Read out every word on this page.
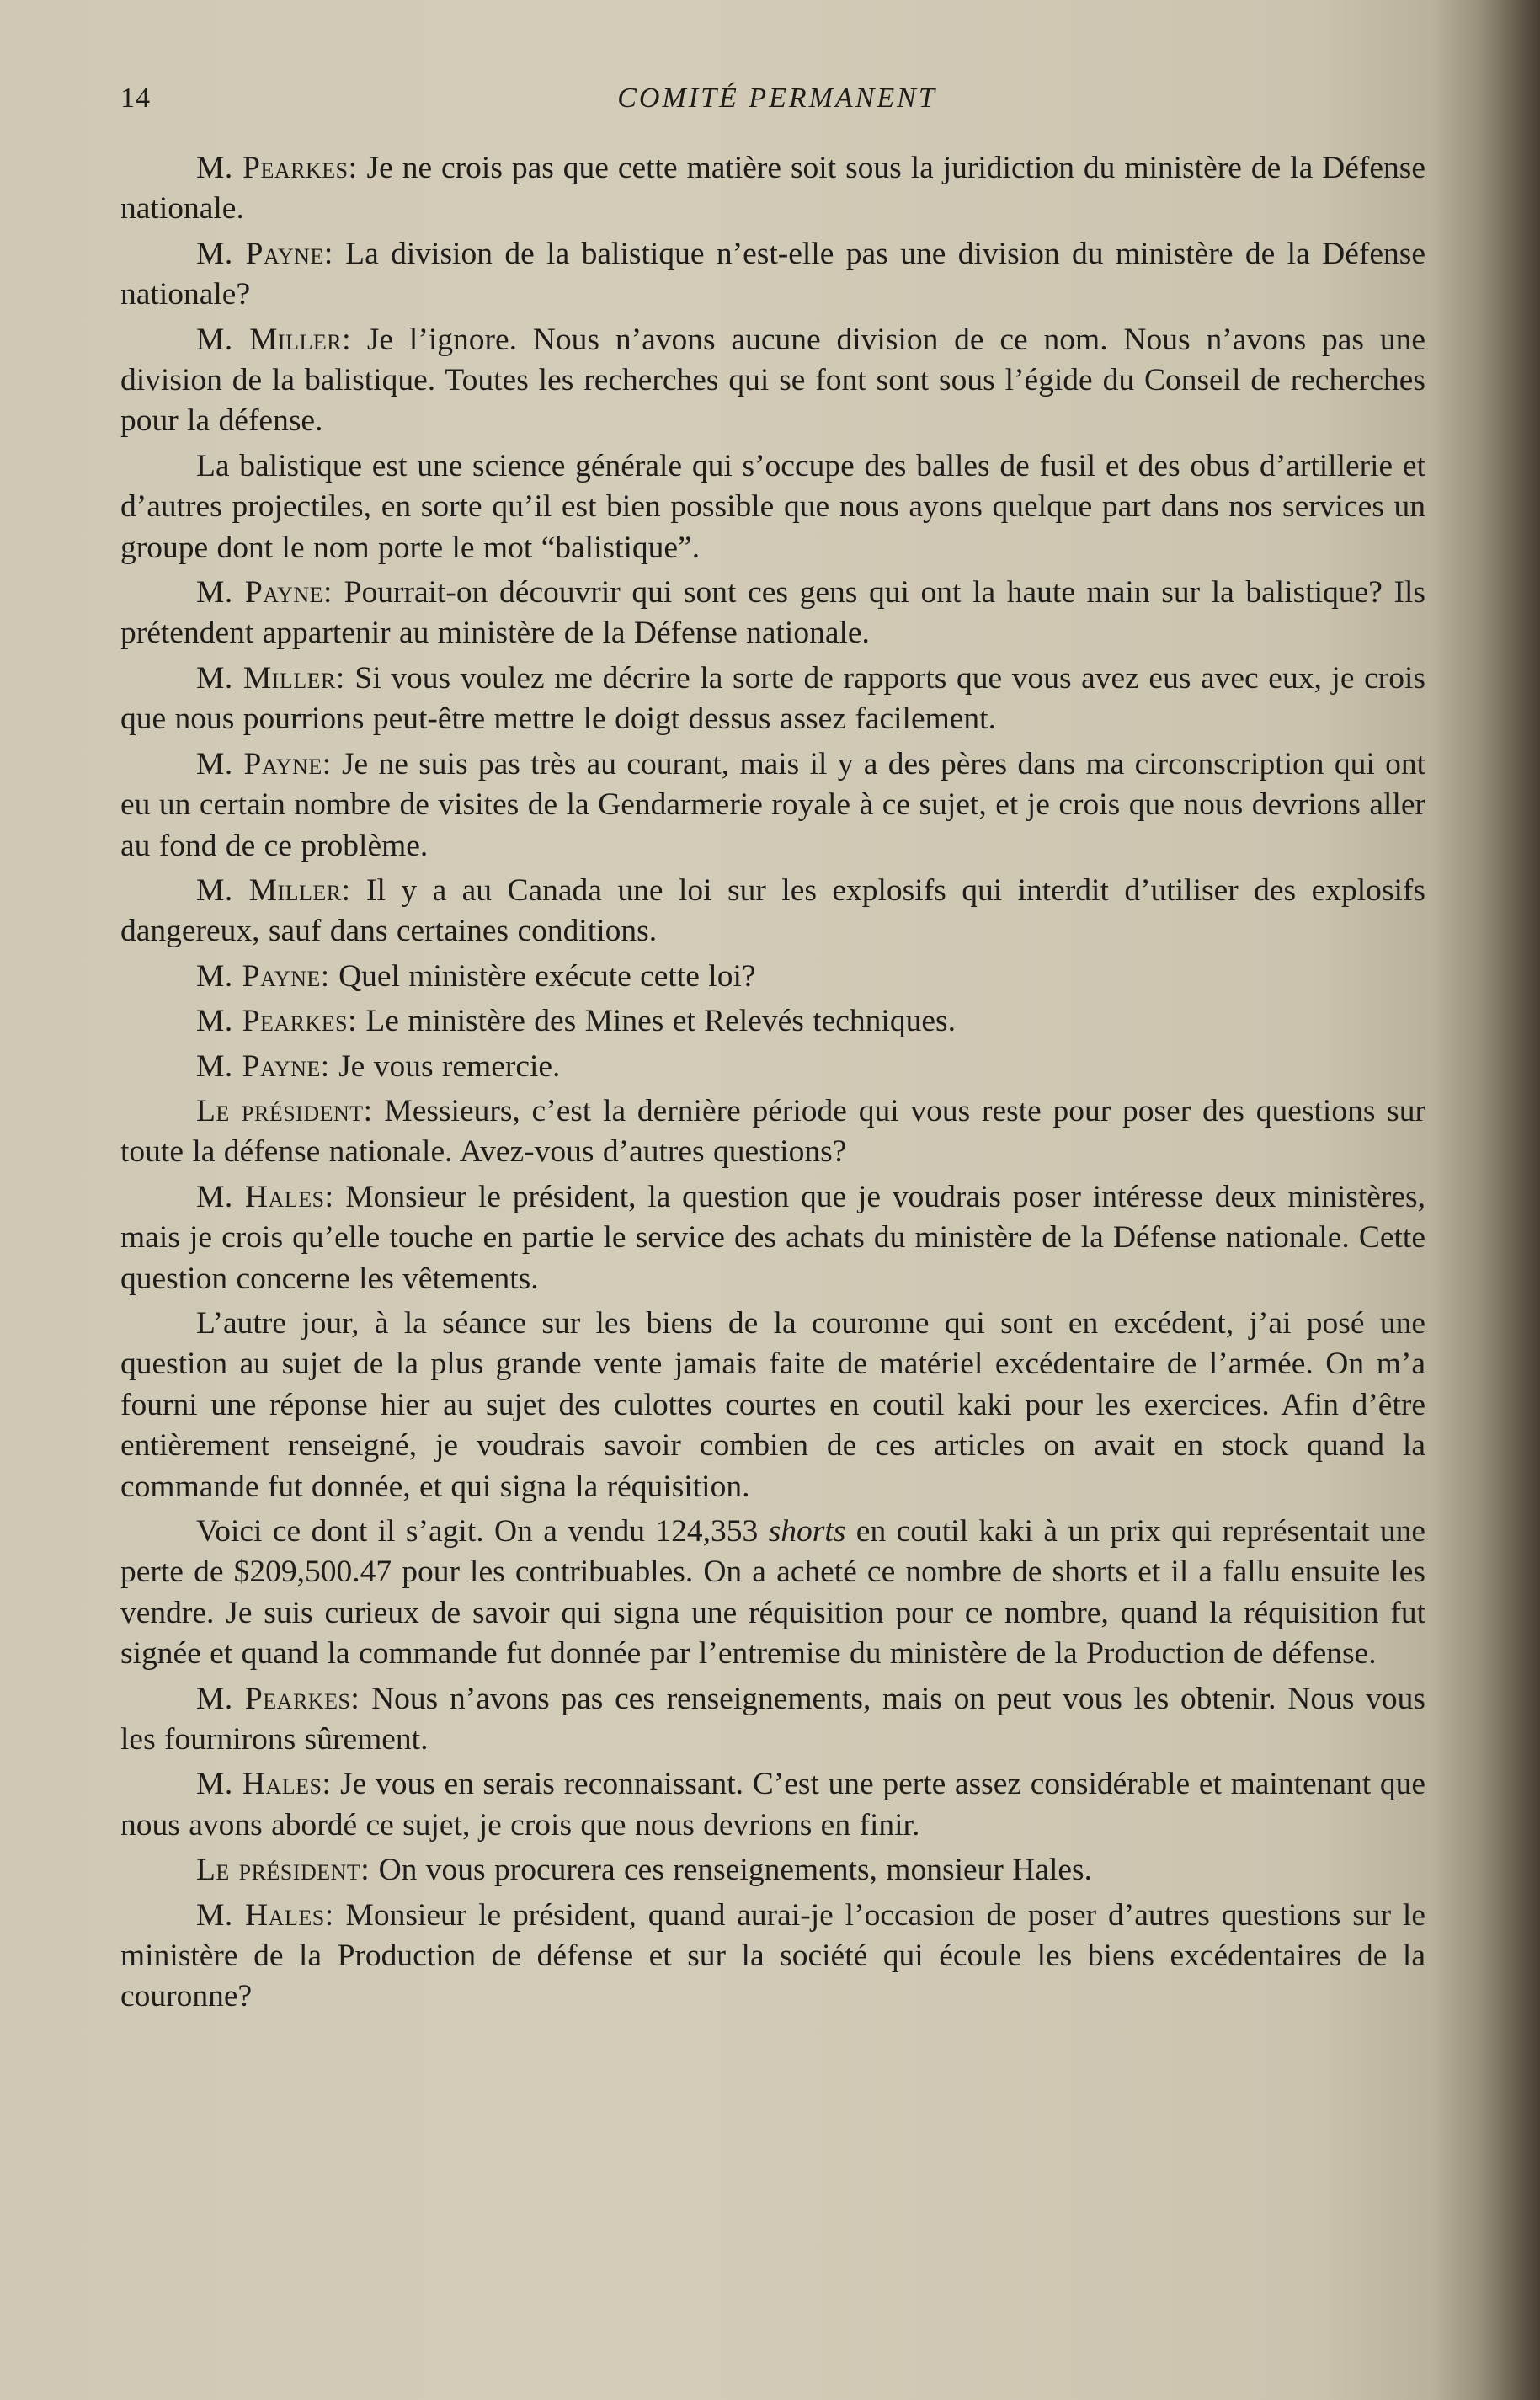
14	COMITÉ PERMANENT

M. Pearkes : Je ne crois pas que cette matière soit sous la juridiction du ministère de la Défense nationale.

M. Payne : La division de la balistique n’est-elle pas une division du ministère de la Défense nationale?

M. Miller : Je l’ignore. Nous n’avons aucune division de ce nom. Nous n’avons pas une division de la balistique. Toutes les recherches qui se font sont sous l’égide du Conseil de recherches pour la défense.

La balistique est une science générale qui s’occupe des balles de fusil et des obus d’artillerie et d’autres projectiles, en sorte qu’il est bien possible que nous ayons quelque part dans nos services un groupe dont le nom porte le mot “balistique”.

M. Payne : Pourrait-on découvrir qui sont ces gens qui ont la haute main sur la balistique? Ils prétendent appartenir au ministère de la Défense nationale.

M. Miller : Si vous voulez me décrire la sorte de rapports que vous avez eus avec eux, je crois que nous pourrions peut-être mettre le doigt dessus assez facilement.

M. Payne : Je ne suis pas très au courant, mais il y a des pères dans ma circonscription qui ont eu un certain nombre de visites de la Gendarmerie royale à ce sujet, et je crois que nous devrions aller au fond de ce problème.

M. Miller : Il y a au Canada une loi sur les explosifs qui interdit d’utiliser des explosifs dangereux, sauf dans certaines conditions.

M. Payne : Quel ministère exécute cette loi?

M. Pearkes : Le ministère des Mines et Relevés techniques.

M. Payne : Je vous remercie.

Le président : Messieurs, c’est la dernière période qui vous reste pour poser des questions sur toute la défense nationale. Avez-vous d’autres questions?

M. Hales : Monsieur le président, la question que je voudrais poser intéresse deux ministères, mais je crois qu’elle touche en partie le service des achats du ministère de la Défense nationale. Cette question concerne les vêtements.

L’autre jour, à la séance sur les biens de la couronne qui sont en excédent, j’ai posé une question au sujet de la plus grande vente jamais faite de matériel excédentaire de l’armée. On m’a fourni une réponse hier au sujet des culottes courtes en coutil kaki pour les exercices. Afin d’être entièrement renseigné, je voudrais savoir combien de ces articles on avait en stock quand la commande fut donnée, et qui signa la réquisition.

Voici ce dont il s’agit. On a vendu 124,353 shorts en coutil kaki à un prix qui représentait une perte de $209,500.47 pour les contribuables. On a acheté ce nombre de shorts et il a fallu ensuite les vendre. Je suis curieux de savoir qui signa une réquisition pour ce nombre, quand la réquisition fut signée et quand la commande fut donnée par l’entremise du ministère de la Production de défense.

M. Pearkes : Nous n’avons pas ces renseignements, mais on peut vous les obtenir. Nous vous les fournirons sûrement.

M. Hales : Je vous en serais reconnaissant. C’est une perte assez considérable et maintenant que nous avons abordé ce sujet, je crois que nous devrions en finir.

Le président : On vous procurera ces renseignements, monsieur Hales.

M. Hales : Monsieur le président, quand aurai-je l’occasion de poser d’autres questions sur le ministère de la Production de défense et sur la société qui écoule les biens excédentaires de la couronne?
